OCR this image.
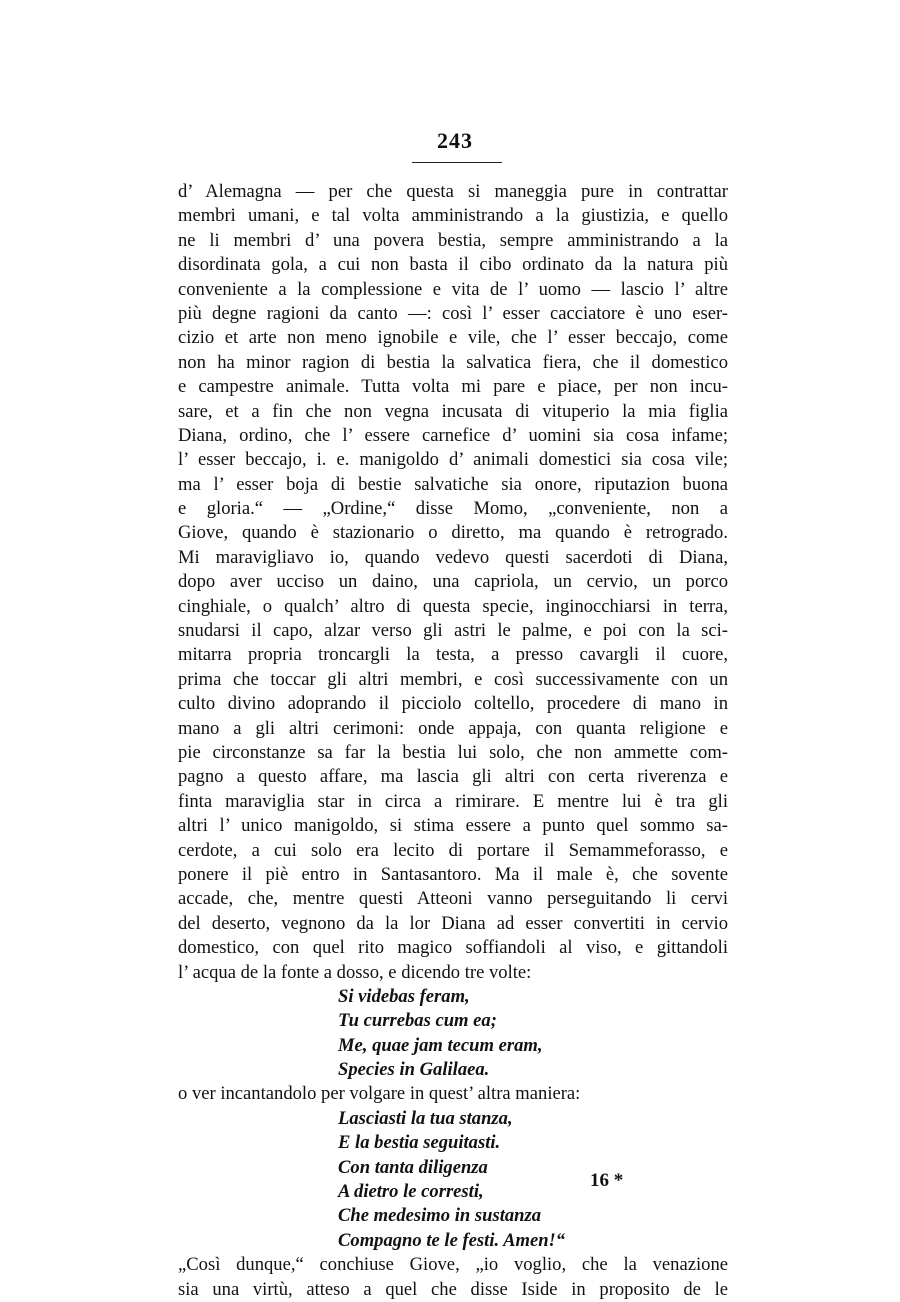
243
d’ Alemagna — per che questa si maneggia pure in contrattar
membri umani, e tal volta amministrando a la giustizia, e quello
ne li membri d’ una povera bestia, sempre amministrando a la
disordinata gola, a cui non basta il cibo ordinato da la natura più
conveniente a la complessione e vita de l’ uomo — lascio l’ altre
più degne ragioni da canto —: così l’ esser cacciatore è uno eser-
cizio et arte non meno ignobile e vile, che l’ esser beccajo, come
non ha minor ragion di bestia la salvatica fiera, che il domestico
e campestre animale. Tutta volta mi pare e piace, per non incu-
sare, et a fin che non vegna incusata di vituperio la mia figlia
Diana, ordino, che l’ essere carnefice d’ uomini sia cosa infame;
l’ esser beccajo, i. e. manigoldo d’ animali domestici sia cosa vile;
ma l’ esser boja di bestie salvatiche sia onore, riputazion buona
e gloria.“ — „Ordine,“ disse Momo, „conveniente, non a
Giove, quando è stazionario o diretto, ma quando è retrogrado.
Mi maravigliavo io, quando vedevo questi sacerdoti di Diana,
dopo aver ucciso un daino, una capriola, un cervio, un porco
cinghiale, o qualch’ altro di questa specie, inginocchiarsi in terra,
snudarsi il capo, alzar verso gli astri le palme, e poi con la sci-
mitarra propria troncargli la testa, a presso cavargli il cuore,
prima che toccar gli altri membri, e così successivamente con un
culto divino adoprando il picciolo coltello, procedere di mano in
mano a gli altri cerimoni: onde appaja, con quanta religione e
pie circonstanze sa far la bestia lui solo, che non ammette com-
pagno a questo affare, ma lascia gli altri con certa riverenza e
finta maraviglia star in circa a rimirare. E mentre lui è tra gli
altri l’ unico manigoldo, si stima essere a punto quel sommo sa-
cerdote, a cui solo era lecito di portare il Semammeforasso, e
ponere il piè entro in Santasantoro. Ma il male è, che sovente
accade, che, mentre questi Atteoni vanno perseguitando li cervi
del deserto, vegnono da la lor Diana ad esser convertiti in cervio
domestico, con quel rito magico soffiandoli al viso, e gittandoli
l’ acqua de la fonte a dosso, e dicendo tre volte:
Si videbas feram,
Tu currebas cum ea;
Me, quae jam tecum eram,
Species in Galilaea.
o ver incantandolo per volgare in quest’ altra maniera:
Lasciasti la tua stanza,
E la bestia seguitasti.
Con tanta diligenza
A dietro le corresti,
Che medesimo in sustanza
Compagno te le festi. Amen!“
„Così dunque,“ conchiuse Giove, „io voglio, che la venazione
sia una virtù, atteso a quel che disse Iside in proposito de le
16 *
